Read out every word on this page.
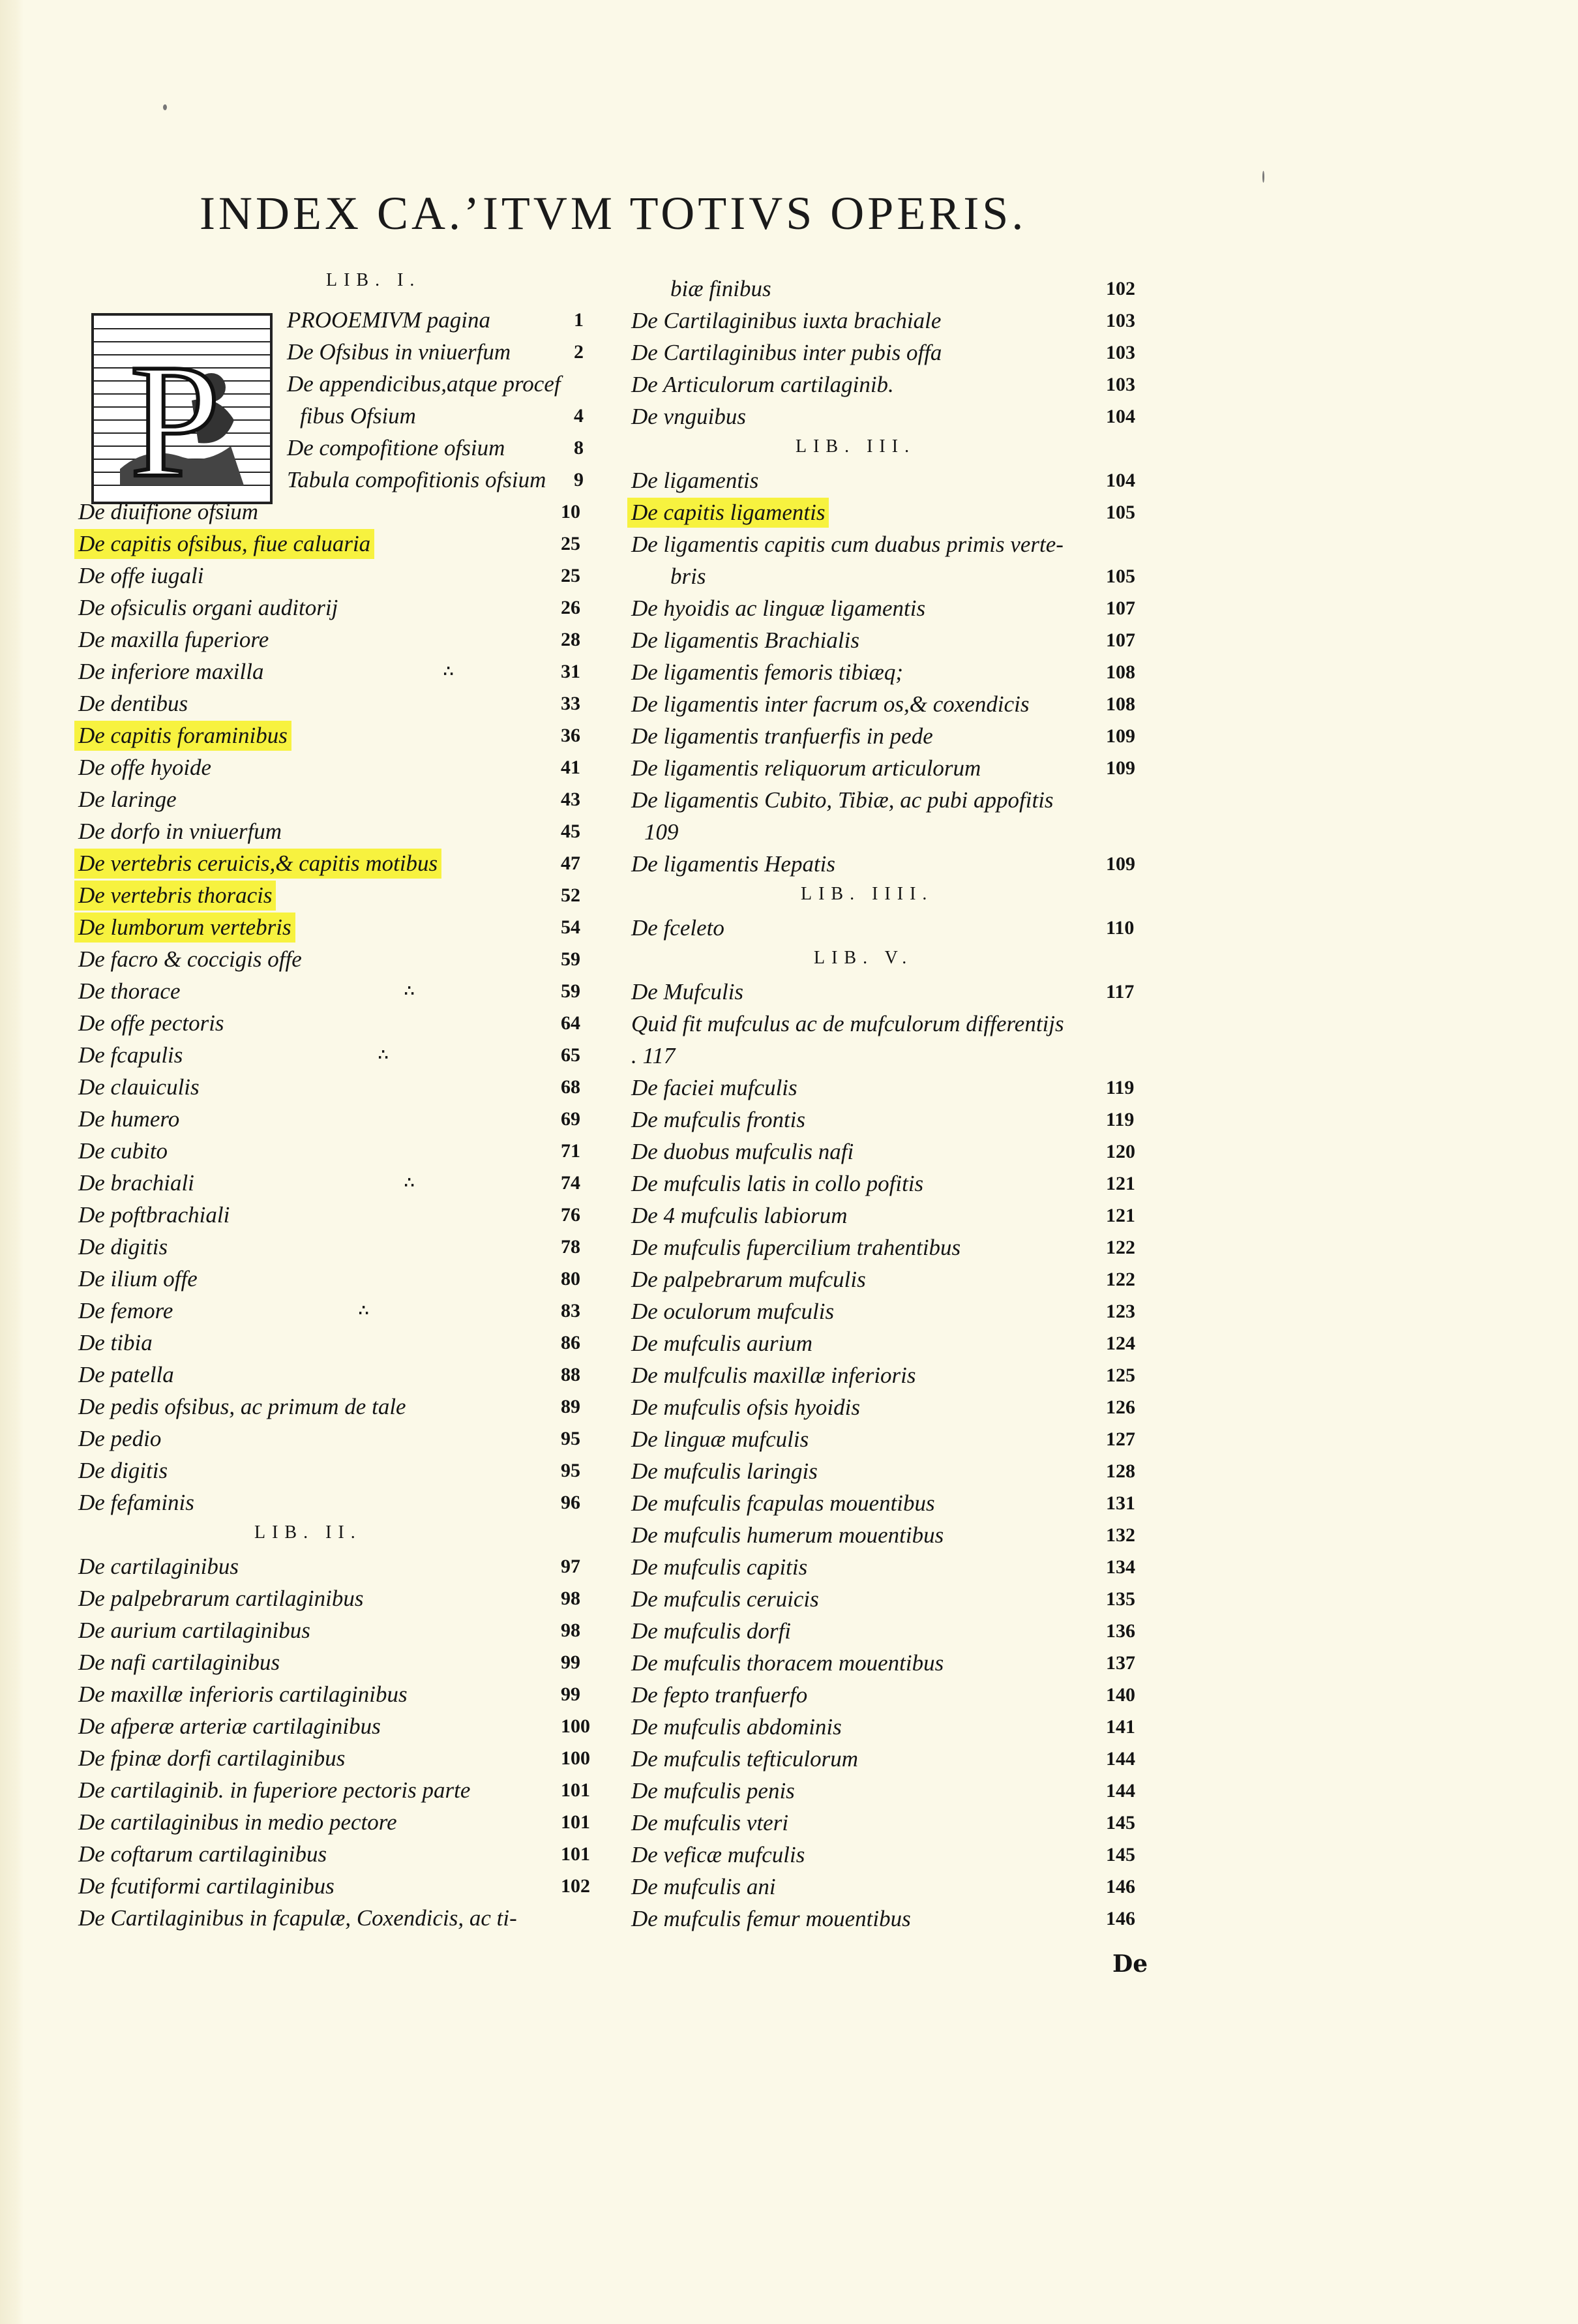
INDEX CA.ʼITVM TOTIVS OPERIS.
P
LIB. I.
PROOEMIVM pagina	1
De Ofsibus in vniuerfum	2
De appendicibus,atque procef
fibus Ofsium	4
De compofitione ofsium	8
Tabula compofitionis ofsium 9
De diuifione ofsium	10
De capitis ofsibus, fiue caluaria	25
De offe iugali	25
De ofsiculis organi auditorij	26
De maxilla fuperiore	28
De inferiore maxilla	31
∴
De dentibus	33
De capitis foraminibus	36
De offe hyoide	41
De laringe	43
De dorfo in vniuerfum	45
De vertebris ceruicis,& capitis motibus	47
De vertebris thoracis	52
De lumborum vertebris	54
De facro & coccigis offe	59
De thorace	59
∴
De offe pectoris	64
De fcapulis	65
∴
De clauiculis	68
De humero	69
De cubito	71
De brachiali	74
∴
De poftbrachiali	76
De digitis	78
De ilium offe	80
De femore	83
∴
De tibia	86
De patella	88
De pedis ofsibus, ac primum de tale	89
De pedio	95
De digitis	95
De fefaminis	96
LIB. II.
De cartilaginibus	97
De palpebrarum cartilaginibus	98
De aurium cartilaginibus	98
De nafi cartilaginibus	99
De maxillæ inferioris cartilaginibus	99
De afperæ arteriæ cartilaginibus	100
De fpinæ dorfi cartilaginibus	100
De cartilaginib. in fuperiore pectoris parte	101
De cartilaginibus in medio pectore	101
De coftarum cartilaginibus	101
De fcutiformi cartilaginibus	102
De Cartilaginibus in fcapulæ, Coxendicis, ac ti-
biæ finibus	102
De Cartilaginibus iuxta brachiale	103
De Cartilaginibus inter pubis offa	103
De Articulorum cartilaginib.	103
De vnguibus	104
LIB. III.
De ligamentis	104
De capitis ligamentis	105
De ligamentis capitis cum duabus primis verte-
bris	105
De hyoidis ac linguæ ligamentis	107
De ligamentis Brachialis	107
De ligamentis femoris tibiæq;	108
De ligamentis inter facrum os,& coxendicis	108
De ligamentis tranfuerfis in pede	109
De ligamentis reliquorum articulorum	109
De ligamentis Cubito, Tibiæ, ac pubi appofitis
109
De ligamentis Hepatis	109
LIB. IIII.
De fceleto	110
LIB. V.
De Mufculis	117
Quid fit mufculus ac de mufculorum differentijs
. 117
De faciei mufculis	119
De mufculis frontis	119
De duobus mufculis nafi	120
De mufculis latis in collo pofitis	121
De 4 mufculis labiorum	121
De mufculis fupercilium trahentibus	122
De palpebrarum mufculis	122
De oculorum mufculis	123
De mufculis aurium	124
De mulfculis maxillæ inferioris	125
De mufculis ofsis hyoidis	126
De linguæ mufculis	127
De mufculis laringis	128
De mufculis fcapulas mouentibus	131
De mufculis humerum mouentibus	132
De mufculis capitis	134
De mufculis ceruicis	135
De mufculis dorfi	136
De mufculis thoracem mouentibus	137
De fepto tranfuerfo	140
De mufculis abdominis	141
De mufculis tefticulorum	144
De mufculis penis	144
De mufculis vteri	145
De veficæ mufculis	145
De mufculis ani	146
De mufculis femur mouentibus	146
De
